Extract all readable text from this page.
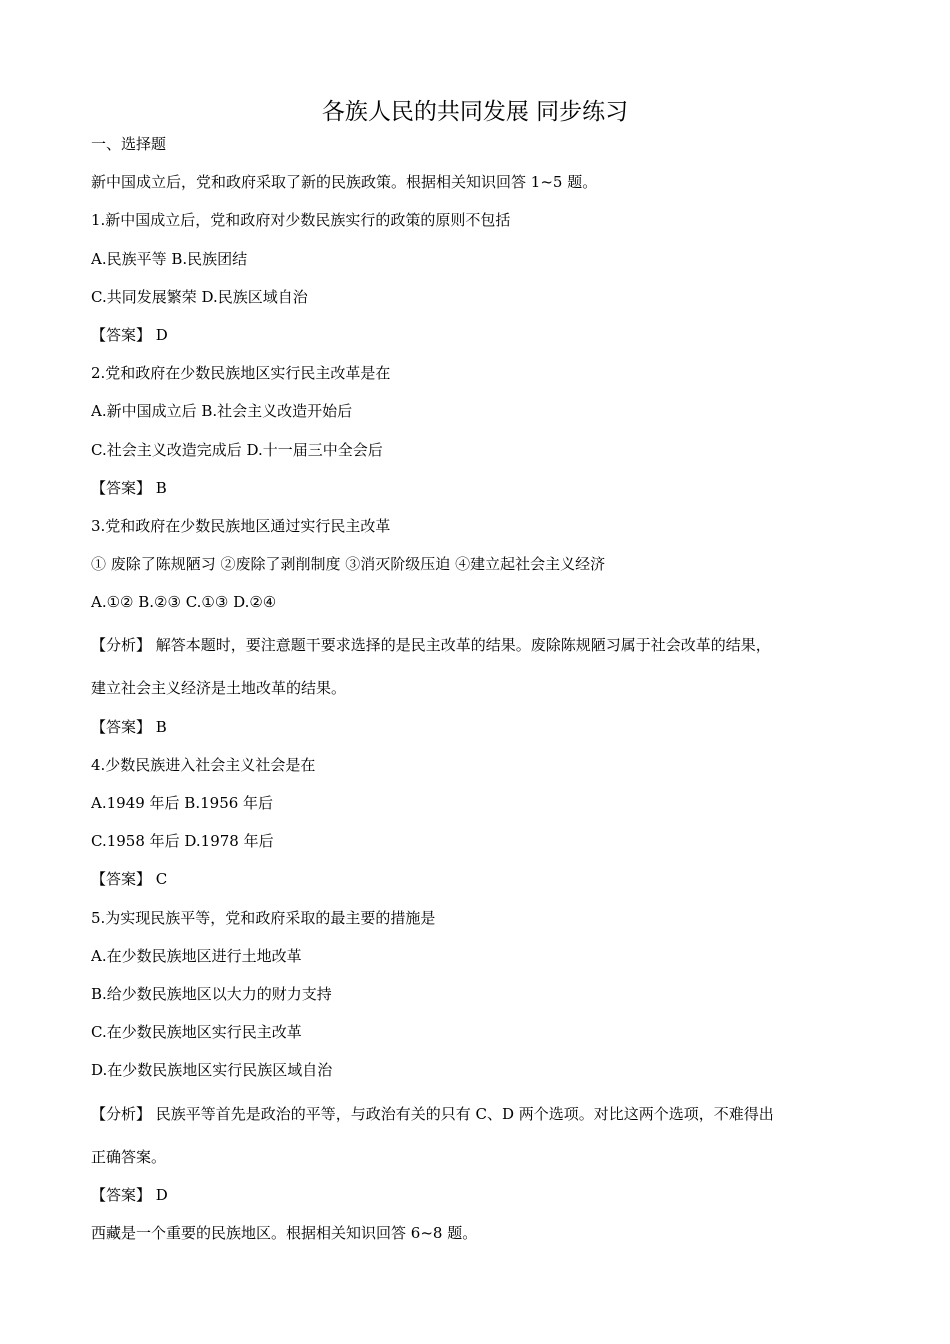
各族人民的共同发展 同步练习
一、选择题
新中国成立后，党和政府采取了新的民族政策。根据相关知识回答 1~5 题。
1.新中国成立后，党和政府对少数民族实行的政策的原则不包括
A.民族平等 B.民族团结
C.共同发展繁荣 D.民族区域自治
【答案】 D
2.党和政府在少数民族地区实行民主改革是在
A.新中国成立后 B.社会主义改造开始后
C.社会主义改造完成后 D.十一届三中全会后
【答案】 B
3.党和政府在少数民族地区通过实行民主改革
① 废除了陈规陋习 ②废除了剥削制度 ③消灭阶级压迫 ④建立起社会主义经济
A.①② B.②③ C.①③ D.②④
【分析】 解答本题时，要注意题干要求选择的是民主改革的结果。废除陈规陋习属于社会改革的结果，
建立社会主义经济是土地改革的结果。
【答案】 B
4.少数民族进入社会主义社会是在
A.1949 年后 B.1956 年后
C.1958 年后 D.1978 年后
【答案】 C
5.为实现民族平等，党和政府采取的最主要的措施是
A.在少数民族地区进行土地改革
B.给少数民族地区以大力的财力支持
C.在少数民族地区实行民主改革
D.在少数民族地区实行民族区域自治
【分析】 民族平等首先是政治的平等，与政治有关的只有 C、D 两个选项。对比这两个选项，不难得出
正确答案。
【答案】 D
西藏是一个重要的民族地区。根据相关知识回答 6~8 题。
